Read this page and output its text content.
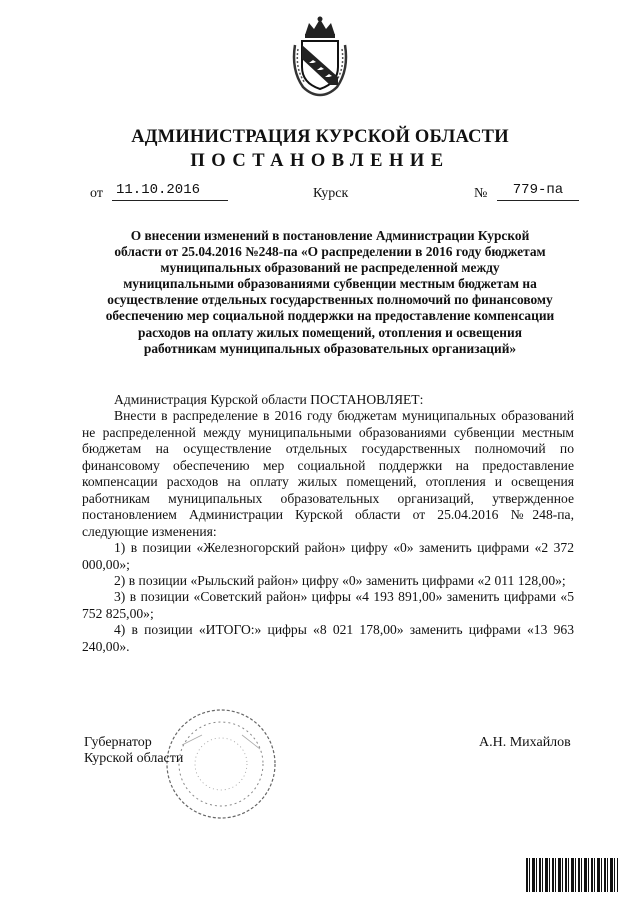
АДМИНИСТРАЦИЯ КУРСКОЙ ОБЛАСТИ
ПОСТАНОВЛЕНИЕ
от 11.10.2016	Курск	№	779-па
О внесении изменений в постановление Администрации Курской
области от 25.04.2016 №248-па «О распределении в 2016 году бюджетам
муниципальных образований не распределенной между
муниципальными образованиями субвенции местным бюджетам на
осуществление отдельных государственных полномочий по финансовому
обеспечению мер социальной поддержки на предоставление компенсации
расходов на оплату жилых помещений, отопления и освещения
работникам муниципальных образовательных организаций»

Администрация Курской области ПОСТАНОВЛЯЕТ:

Внести в распределение в 2016 году бюджетам муниципальных образований не распределенной между муниципальными образованиями субвенции местным бюджетам на осуществление отдельных государственных полномочий по финансовому обеспечению мер социальной поддержки на предоставление компенсации расходов на оплату жилых помещений, отопления и освещения работникам муниципальных образовательных организаций, утвержденное постановлением Администрации Курской области от 25.04.2016 №248-па, следующие изменения:

1) в позиции «Железногорский район» цифру «0» заменить цифрами «2 372 000,00»;

2) в позиции «Рыльский район» цифру «0» заменить цифрами «2 011 128,00»;

3) в позиции «Советский район» цифры «4 193 891,00» заменить цифрами «5 752 825,00»;

4) в позиции «ИТОГО:» цифры «8 021 178,00» заменить цифрами «13 963 240,00».

Губернатор
Курской области
А.Н. Михайлов
